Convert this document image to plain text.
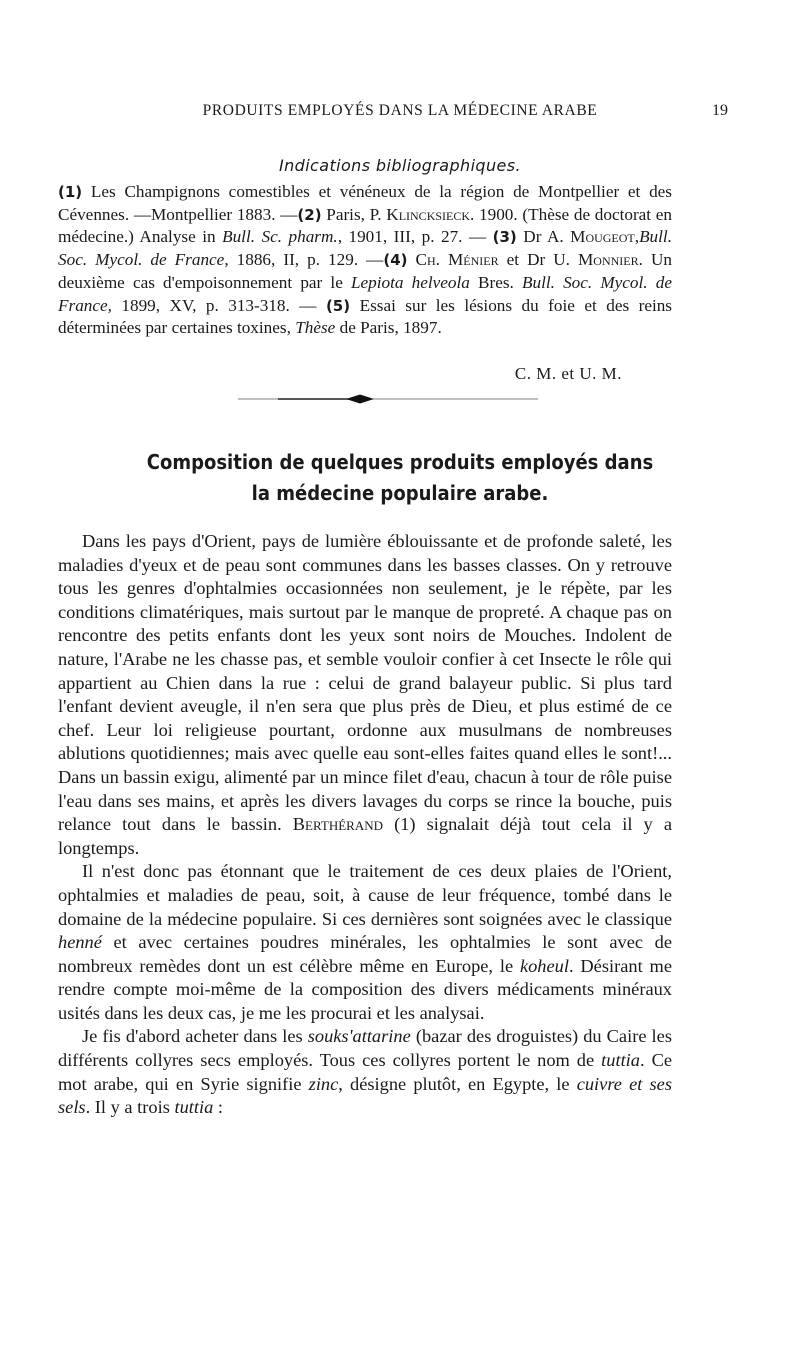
PRODUITS EMPLOYÉS DANS LA MÉDECINE ARABE	19
Indications bibliographiques.

(1) Les Champignons comestibles et vénéneux de la région de Montpellier et des Cévennes. —Montpellier 1883. —(2) Paris, P. Klincksieck. 1900. (Thèse de doctorat en médecine.) Analyse in Bull. Sc. pharm., 1901, III, p. 27. — (3) Dr A. Mougeot,Bull. Soc. Mycol. de France, 1886, II, p. 129. —(4) Ch. Ménier et Dr U. Monnier. Un deuxième cas d'empoisonnement par le Lepiota helveola Bres. Bull. Soc. Mycol. de France, 1899, XV, p. 313-318. — (5) Essai sur les lésions du foie et des reins déterminées par certaines toxines, Thèse de Paris, 1897.

C. M. et U. M.
Composition de quelques produits employés dans
la médecine populaire arabe.

Dans les pays d'Orient, pays de lumière éblouissante et de profonde saleté, les maladies d'yeux et de peau sont communes dans les basses classes. On y retrouve tous les genres d'ophtalmies occasionnées non seulement, je le répète, par les conditions climatériques, mais surtout par le manque de propreté. A chaque pas on rencontre des petits enfants dont les yeux sont noirs de Mouches. Indolent de nature, l'Arabe ne les chasse pas, et semble vouloir confier à cet Insecte le rôle qui appartient au Chien dans la rue : celui de grand balayeur public. Si plus tard l'enfant devient aveugle, il n'en sera que plus près de Dieu, et plus estimé de ce chef. Leur loi religieuse pourtant, ordonne aux musulmans de nombreuses ablutions quotidiennes; mais avec quelle eau sont-elles faites quand elles le sont!... Dans un bassin exigu, alimenté par un mince filet d'eau, chacun à tour de rôle puise l'eau dans ses mains, et après les divers lavages du corps se rince la bouche, puis relance tout dans le bassin. Berthérand (1) signalait déjà tout cela il y a longtemps.

Il n'est donc pas étonnant que le traitement de ces deux plaies de l'Orient, ophtalmies et maladies de peau, soit, à cause de leur fréquence, tombé dans le domaine de la médecine populaire. Si ces dernières sont soignées avec le classique henné et avec certaines poudres minérales, les ophtalmies le sont avec de nombreux remèdes dont un est célèbre même en Europe, le koheul. Désirant me rendre compte moi-même de la composition des divers médicaments minéraux usités dans les deux cas, je me les procurai et les analysai.

Je fis d'abord acheter dans les souks'attarine (bazar des droguistes) du Caire les différents collyres secs employés. Tous ces collyres portent le nom de tuttia. Ce mot arabe, qui en Syrie signifie zinc, désigne plutôt, en Egypte, le cuivre et ses sels. Il y a trois tuttia :
